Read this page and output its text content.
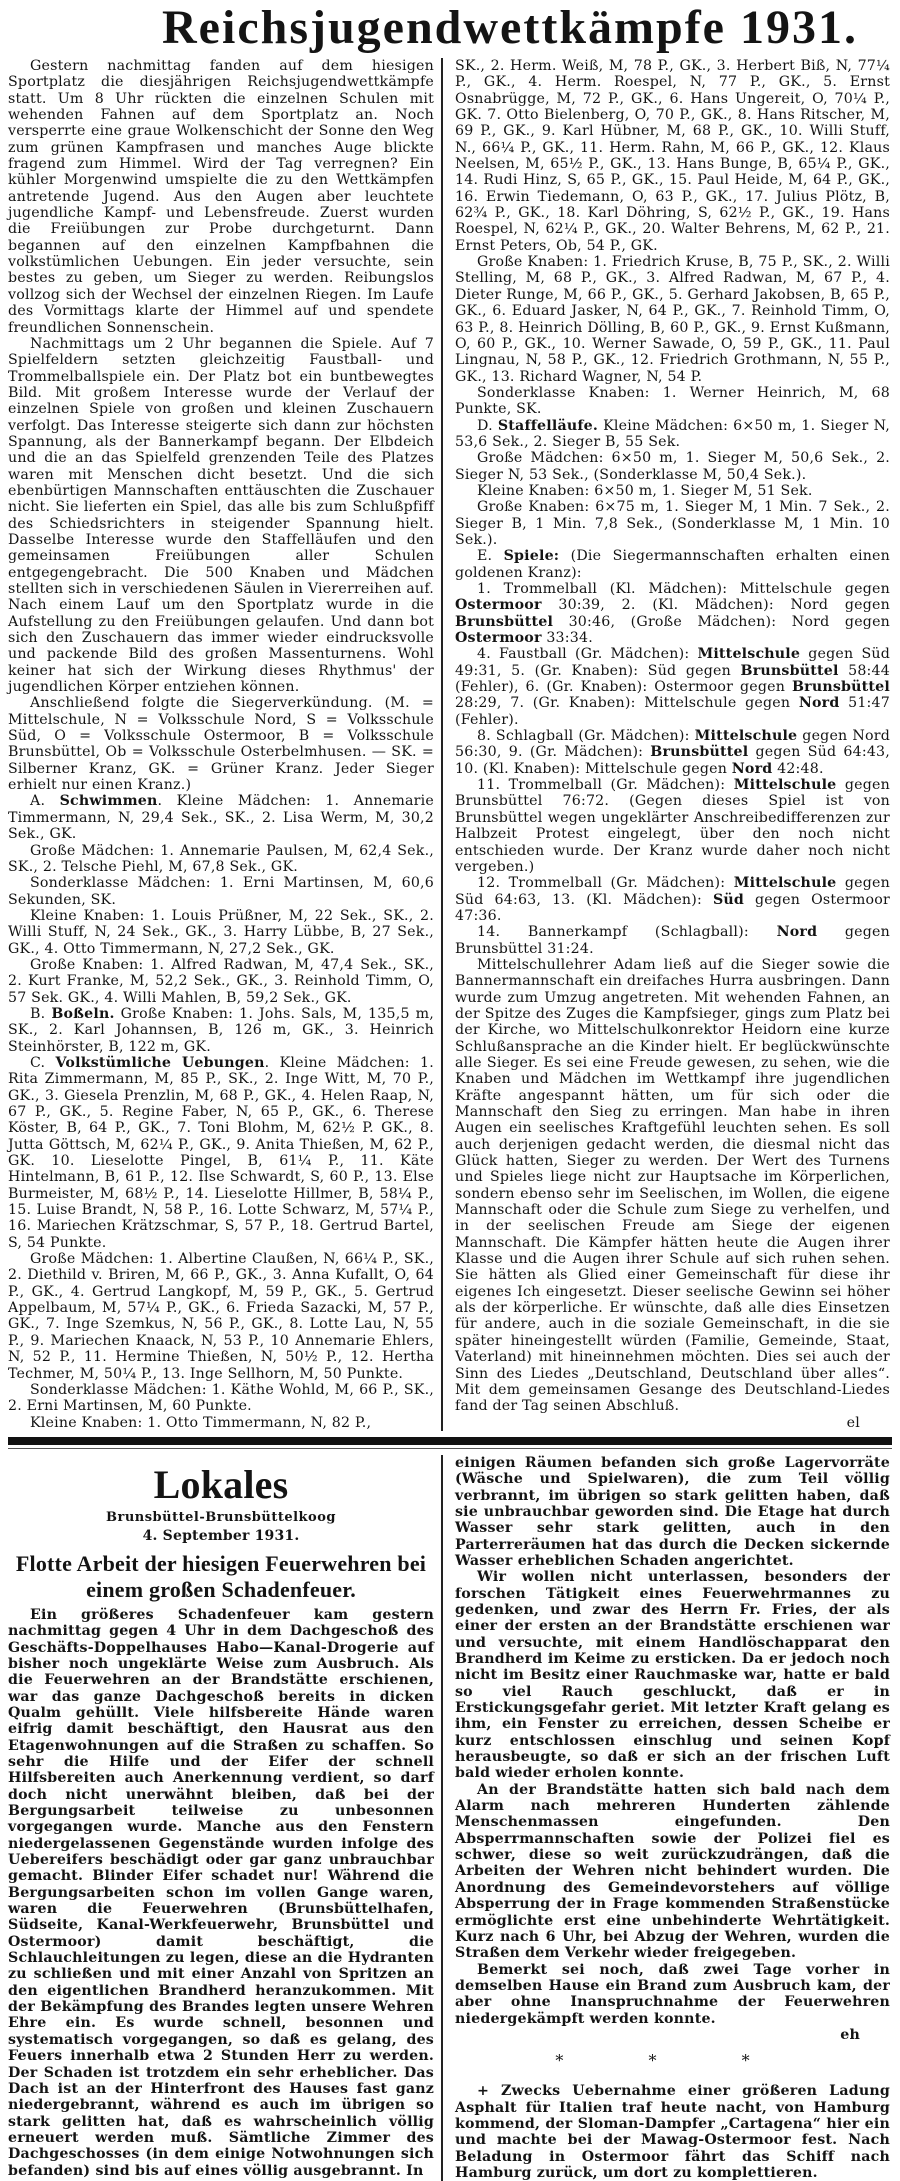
Reichsjugendwettkämpfe 1931.

Gestern nachmittag fanden auf dem hiesigen Sportplatz die diesjährigen Reichsjugendwettkämpfe statt. Um 8 Uhr rückten die einzelnen Schulen mit wehenden Fahnen auf dem Sportplatz an. Noch versperrte eine graue Wolkenschicht der Sonne den Weg zum grünen Kampfrasen und manches Auge blickte fragend zum Himmel. Wird der Tag verregnen? Ein kühler Morgenwind umspielte die zu den Wettkämpfen antretende Jugend. Aus den Augen aber leuchtete jugendliche Kampf- und Lebensfreude. Zuerst wurden die Freiübungen zur Probe durchgeturnt. Dann begannen auf den einzelnen Kampfbahnen die volkstümlichen Uebungen. Ein jeder versuchte, sein bestes zu geben, um Sieger zu werden. Reibungslos vollzog sich der Wechsel der einzelnen Riegen. Im Laufe des Vormittags klarte der Himmel auf und spendete freundlichen Sonnenschein.

Nachmittags um 2 Uhr begannen die Spiele. Auf 7 Spielfeldern setzten gleichzeitig Faustball- und Trommelballspiele ein. Der Platz bot ein buntbewegtes Bild. Mit großem Interesse wurde der Verlauf der einzelnen Spiele von großen und kleinen Zuschauern verfolgt. Das Interesse steigerte sich dann zur höchsten Spannung, als der Bannerkampf begann. Der Elbdeich und die an das Spielfeld grenzenden Teile des Platzes waren mit Menschen dicht besetzt. Und die sich ebenbürtigen Mannschaften enttäuschten die Zuschauer nicht. Sie lieferten ein Spiel, das alle bis zum Schlußpfiff des Schiedsrichters in steigender Spannung hielt. Dasselbe Interesse wurde den Staffelläufen und den gemeinsamen Freiübungen aller Schulen entgegengebracht. Die 500 Knaben und Mädchen stellten sich in verschiedenen Säulen in Viererreihen auf. Nach einem Lauf um den Sportplatz wurde in die Aufstellung zu den Freiübungen gelaufen. Und dann bot sich den Zuschauern das immer wieder eindrucksvolle und packende Bild des großen Massenturnens. Wohl keiner hat sich der Wirkung dieses Rhythmus' der jugendlichen Körper entziehen können.

Anschließend folgte die Siegerverkündung. (M. = Mittelschule, N = Volksschule Nord, S = Volksschule Süd, O = Volksschule Ostermoor, B = Volksschule Brunsbüttel, Ob = Volksschule Osterbelmhusen. — SK. = Silberner Kranz, GK. = Grüner Kranz. Jeder Sieger erhielt nur einen Kranz.)

A. Schwimmen. Kleine Mädchen: 1. Annemarie Timmermann, N, 29,4 Sek., SK., 2. Lisa Werm, M, 30,2 Sek., GK.

Große Mädchen: 1. Annemarie Paulsen, M, 62,4 Sek., SK., 2. Telsche Piehl, M, 67,8 Sek., GK.

Sonderklasse Mädchen: 1. Erni Martinsen, M, 60,6 Sekunden, SK.

Kleine Knaben: 1. Louis Prüßner, M, 22 Sek., SK., 2. Willi Stuff, N, 24 Sek., GK., 3. Harry Lübbe, B, 27 Sek., GK., 4. Otto Timmermann, N, 27,2 Sek., GK.

Große Knaben: 1. Alfred Radwan, M, 47,4 Sek., SK., 2. Kurt Franke, M, 52,2 Sek., GK., 3. Reinhold Timm, O, 57 Sek. GK., 4. Willi Mahlen, B, 59,2 Sek., GK.

B. Boßeln. Große Knaben: 1. Johs. Sals, M, 135,5 m, SK., 2. Karl Johannsen, B, 126 m, GK., 3. Heinrich Steinhörster, B, 122 m, GK.

C. Volkstümliche Uebungen. Kleine Mädchen: 1. Rita Zimmermann, M, 85 P., SK., 2. Inge Witt, M, 70 P., GK., 3. Giesela Prenzlin, M, 68 P., GK., 4. Helen Raap, N, 67 P., GK., 5. Regine Faber, N, 65 P., GK., 6. Therese Köster, B, 64 P., GK., 7. Toni Blohm, M, 62½ P. GK., 8. Jutta Göttsch, M, 62¼ P., GK., 9. Anita Thießen, M, 62 P., GK. 10. Lieselotte Pingel, B, 61¼ P., 11. Käte Hintelmann, B, 61 P., 12. Ilse Schwardt, S, 60 P., 13. Else Burmeister, M, 68½ P., 14. Lieselotte Hillmer, B, 58¼ P., 15. Luise Brandt, N, 58 P., 16. Lotte Schwarz, M, 57¼ P., 16. Mariechen Krätzschmar, S, 57 P., 18. Gertrud Bartel, S, 54 Punkte.

Große Mädchen: 1. Albertine Claußen, N, 66¼ P., SK., 2. Diethild v. Briren, M, 66 P., GK., 3. Anna Kufallt, O, 64 P., GK., 4. Gertrud Langkopf, M, 59 P., GK., 5. Gertrud Appelbaum, M, 57¼ P., GK., 6. Frieda Sazacki, M, 57 P., GK., 7. Inge Szemkus, N, 56 P., GK., 8. Lotte Lau, N, 55 P., 9. Mariechen Knaack, N, 53 P., 10 Annemarie Ehlers, N, 52 P., 11. Hermine Thießen, N, 50½ P., 12. Hertha Techmer, M, 50¼ P., 13. Inge Sellhorn, M, 50 Punkte.

Sonderklasse Mädchen: 1. Käthe Wohld, M, 66 P., SK., 2. Erni Martinsen, M, 60 Punkte.

Kleine Knaben: 1. Otto Timmermann, N, 82 P.,

SK., 2. Herm. Weiß, M, 78 P., GK., 3. Herbert Biß, N, 77¼ P., GK., 4. Herm. Roespel, N, 77 P., GK., 5. Ernst Osnabrügge, M, 72 P., GK., 6. Hans Ungereit, O, 70¼ P., GK. 7. Otto Bielenberg, O, 70 P., GK., 8. Hans Ritscher, M, 69 P., GK., 9. Karl Hübner, M, 68 P., GK., 10. Willi Stuff, N., 66¼ P., GK., 11. Herm. Rahn, M, 66 P., GK., 12. Klaus Neelsen, M, 65½ P., GK., 13. Hans Bunge, B, 65¼ P., GK., 14. Rudi Hinz, S, 65 P., GK., 15. Paul Heide, M, 64 P., GK., 16. Erwin Tiedemann, O, 63 P., GK., 17. Julius Plötz, B, 62¾ P., GK., 18. Karl Döhring, S, 62½ P., GK., 19. Hans Roespel, N, 62¼ P., GK., 20. Walter Behrens, M, 62 P., 21. Ernst Peters, Ob, 54 P., GK.

Große Knaben: 1. Friedrich Kruse, B, 75 P., SK., 2. Willi Stelling, M, 68 P., GK., 3. Alfred Radwan, M, 67 P., 4. Dieter Runge, M, 66 P., GK., 5. Gerhard Jakobsen, B, 65 P., GK., 6. Eduard Jasker, N, 64 P., GK., 7. Reinhold Timm, O, 63 P., 8. Heinrich Dölling, B, 60 P., GK., 9. Ernst Kußmann, O, 60 P., GK., 10. Werner Sawade, O, 59 P., GK., 11. Paul Lingnau, N, 58 P., GK., 12. Friedrich Grothmann, N, 55 P., GK., 13. Richard Wagner, N, 54 P.

Sonderklasse Knaben: 1. Werner Heinrich, M, 68 Punkte, SK.

D. Staffelläufe. Kleine Mädchen: 6×50 m, 1. Sieger N, 53,6 Sek., 2. Sieger B, 55 Sek.

Große Mädchen: 6×50 m, 1. Sieger M, 50,6 Sek., 2. Sieger N, 53 Sek., (Sonderklasse M, 50,4 Sek.).

Kleine Knaben: 6×50 m, 1. Sieger M, 51 Sek.

Große Knaben: 6×75 m, 1. Sieger M, 1 Min. 7 Sek., 2. Sieger B, 1 Min. 7,8 Sek., (Sonderklasse M, 1 Min. 10 Sek.).

E. Spiele: (Die Siegermannschaften erhalten einen goldenen Kranz):

1. Trommelball (Kl. Mädchen): Mittelschule gegen Ostermoor 30:39, 2. (Kl. Mädchen): Nord gegen Brunsbüttel 30:46, (Große Mädchen): Nord gegen Ostermoor 33:34.

4. Faustball (Gr. Mädchen): Mittelschule gegen Süd 49:31, 5. (Gr. Knaben): Süd gegen Brunsbüttel 58:44 (Fehler), 6. (Gr. Knaben): Ostermoor gegen Brunsbüttel 28:29, 7. (Gr. Knaben): Mittelschule gegen Nord 51:47 (Fehler).

8. Schlagball (Gr. Mädchen): Mittelschule gegen Nord 56:30, 9. (Gr. Mädchen): Brunsbüttel gegen Süd 64:43, 10. (Kl. Knaben): Mittelschule gegen Nord 42:48.

11. Trommelball (Gr. Mädchen): Mittelschule gegen Brunsbüttel 76:72. (Gegen dieses Spiel ist von Brunsbüttel wegen ungeklärter Anschreibedifferenzen zur Halbzeit Protest eingelegt, über den noch nicht entschieden wurde. Der Kranz wurde daher noch nicht vergeben.)

12. Trommelball (Gr. Mädchen): Mittelschule gegen Süd 64:63, 13. (Kl. Mädchen): Süd gegen Ostermoor 47:36.

14. Bannerkampf (Schlagball): Nord gegen Brunsbüttel 31:24.

Mittelschullehrer Adam ließ auf die Sieger sowie die Bannermannschaft ein dreifaches Hurra ausbringen. Dann wurde zum Umzug angetreten. Mit wehenden Fahnen, an der Spitze des Zuges die Kampfsieger, gings zum Platz bei der Kirche, wo Mittelschulkonrektor Heidorn eine kurze Schlußansprache an die Kinder hielt. Er beglückwünschte alle Sieger. Es sei eine Freude gewesen, zu sehen, wie die Knaben und Mädchen im Wettkampf ihre jugendlichen Kräfte angespannt hätten, um für sich oder die Mannschaft den Sieg zu erringen. Man habe in ihren Augen ein seelisches Kraftgefühl leuchten sehen. Es soll auch derjenigen gedacht werden, die diesmal nicht das Glück hatten, Sieger zu werden. Der Wert des Turnens und Spieles liege nicht zur Hauptsache im Körperlichen, sondern ebenso sehr im Seelischen, im Wollen, die eigene Mannschaft oder die Schule zum Siege zu verhelfen, und in der seelischen Freude am Siege der eigenen Mannschaft. Die Kämpfer hätten heute die Augen ihrer Klasse und die Augen ihrer Schule auf sich ruhen sehen. Sie hätten als Glied einer Gemeinschaft für diese ihr eigenes Ich eingesetzt. Dieser seelische Gewinn sei höher als der körperliche. Er wünschte, daß alle dies Einsetzen für andere, auch in die soziale Gemeinschaft, in die sie später hineingestellt würden (Familie, Gemeinde, Staat, Vaterland) mit hineinnehmen möchten. Dies sei auch der Sinn des Liedes „Deutschland, Deutschland über alles“. Mit dem gemeinsamen Gesange des Deutschland-Liedes fand der Tag seinen Abschluß.

el
Lokales
Brunsbüttel-Brunsbüttelkoog
4. September 1931.
Flotte Arbeit der hiesigen Feuerwehren bei einem großen Schadenfeuer.

Ein größeres Schadenfeuer kam gestern nachmittag gegen 4 Uhr in dem Dachgeschoß des Geschäfts-Doppelhauses Habo—Kanal-Drogerie auf bisher noch ungeklärte Weise zum Ausbruch. Als die Feuerwehren an der Brandstätte erschienen, war das ganze Dachgeschoß bereits in dicken Qualm gehüllt. Viele hilfsbereite Hände waren eifrig damit beschäftigt, den Hausrat aus den Etagenwohnungen auf die Straßen zu schaffen. So sehr die Hilfe und der Eifer der schnell Hilfsbereiten auch Anerkennung verdient, so darf doch nicht unerwähnt bleiben, daß bei der Bergungsarbeit teilweise zu unbesonnen vorgegangen wurde. Manche aus den Fenstern niedergelassenen Gegenstände wurden infolge des Uebereifers beschädigt oder gar ganz unbrauchbar gemacht. Blinder Eifer schadet nur! Während die Bergungsarbeiten schon im vollen Gange waren, waren die Feuerwehren (Brunsbüttelhafen, Südseite, Kanal-Werkfeuerwehr, Brunsbüttel und Ostermoor) damit beschäftigt, die Schlauchleitungen zu legen, diese an die Hydranten zu schließen und mit einer Anzahl von Spritzen an den eigentlichen Brandherd heranzukommen. Mit der Bekämpfung des Brandes legten unsere Wehren Ehre ein. Es wurde schnell, besonnen und systematisch vorgegangen, so daß es gelang, des Feuers innerhalb etwa 2 Stunden Herr zu werden. Der Schaden ist trotzdem ein sehr erheblicher. Das Dach ist an der Hinterfront des Hauses fast ganz niedergebrannt, während es auch im übrigen so stark gelitten hat, daß es wahrscheinlich völlig erneuert werden muß. Sämtliche Zimmer des Dachgeschosses (in dem einige Notwohnungen sich befanden) sind bis auf eines völlig ausgebrannt. In

einigen Räumen befanden sich große Lagervorräte (Wäsche und Spielwaren), die zum Teil völlig verbrannt, im übrigen so stark gelitten haben, daß sie unbrauchbar geworden sind. Die Etage hat durch Wasser sehr stark gelitten, auch in den Parterreräumen hat das durch die Decken sickernde Wasser erheblichen Schaden angerichtet.

Wir wollen nicht unterlassen, besonders der forschen Tätigkeit eines Feuerwehrmannes zu gedenken, und zwar des Herrn Fr. Fries, der als einer der ersten an der Brandstätte erschienen war und versuchte, mit einem Handlöschapparat den Brandherd im Keime zu ersticken. Da er jedoch noch nicht im Besitz einer Rauchmaske war, hatte er bald so viel Rauch geschluckt, daß er in Erstickungsgefahr geriet. Mit letzter Kraft gelang es ihm, ein Fenster zu erreichen, dessen Scheibe er kurz entschlossen einschlug und seinen Kopf herausbeugte, so daß er sich an der frischen Luft bald wieder erholen konnte.

An der Brandstätte hatten sich bald nach dem Alarm nach mehreren Hunderten zählende Menschenmassen eingefunden. Den Absperrmannschaften sowie der Polizei fiel es schwer, diese so weit zurückzudrängen, daß die Arbeiten der Wehren nicht behindert wurden. Die Anordnung des Gemeindevorstehers auf völlige Absperrung der in Frage kommenden Straßenstücke ermöglichte erst eine unbehinderte Wehrtätigkeit. Kurz nach 6 Uhr, bei Abzug der Wehren, wurden die Straßen dem Verkehr wieder freigegeben.

Bemerkt sei noch, daß zwei Tage vorher in demselben Hause ein Brand zum Ausbruch kam, der aber ohne Inanspruchnahme der Feuerwehren niedergekämpft werden konnte.

eh
* * *

+ Zwecks Uebernahme einer größeren Ladung Asphalt für Italien traf heute nacht, von Hamburg kommend, der Sloman-Dampfer „Cartagena“ hier ein und machte bei der Mawag-Ostermoor fest. Nach Beladung in Ostermoor fährt das Schiff nach Hamburg zurück, um dort zu komplettieren.
